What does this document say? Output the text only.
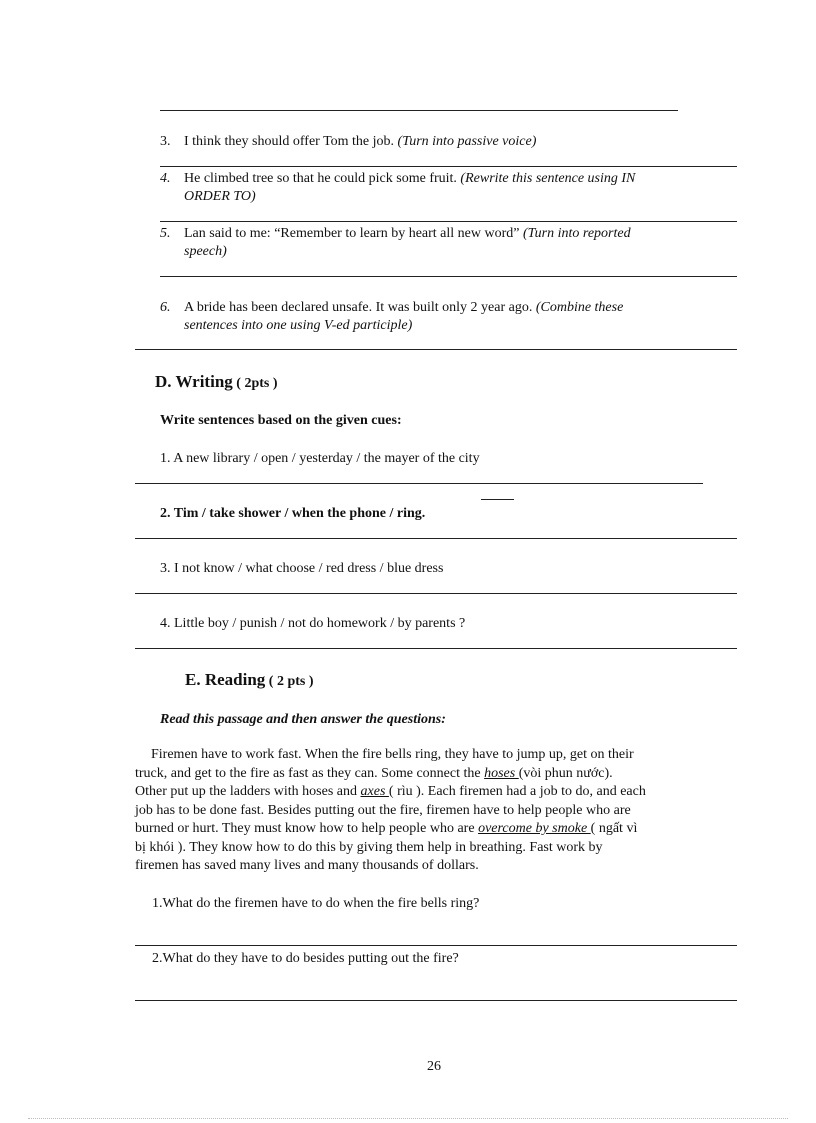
3. I think they should offer Tom the job. (Turn into passive voice)
4. He climbed tree so that he could pick some fruit. (Rewrite this sentence using IN
ORDER TO)
5. Lan said to me: “Remember to learn by heart all new word” (Turn into reported
speech)
6. A bride has been declared unsafe. It was built only 2 year ago. (Combine these
sentences into one using V-ed participle)
D. Writing ( 2pts )
Write sentences based on the given cues:
1. A new library / open / yesterday / the mayer of the city
2. Tim / take shower / when the phone / ring.
3. I not know / what choose / red dress / blue dress
4. Little boy / punish / not do homework / by parents ?
E. Reading ( 2 pts )
Read this passage and then answer the questions:
Firemen have to work fast. When the fire bells ring, they have to jump up, get on their
truck, and get to the fire as fast as they can. Some connect the hoses (vòi phun nước).
Other put up the ladders with hoses and axes ( rìu ). Each firemen had a job to do, and each
job has to be done fast. Besides putting out the fire, firemen have to help people who are
burned or hurt. They must know how to help people who are overcome by smoke ( ngất vì
bị khói ). They know how to do this by giving them help in breathing. Fast work by
firemen has saved many lives and many thousands of dollars.
1.What do the firemen have to do when the fire bells ring?
2.What do they have to do besides putting out the fire?
26
